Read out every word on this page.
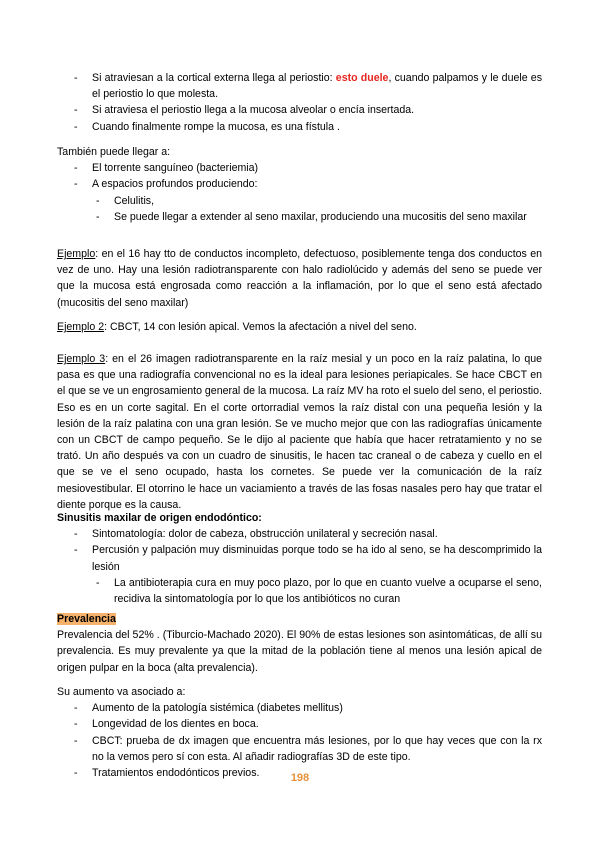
- Si atraviesan a la cortical externa llega al periostio: esto duele, cuando palpamos y le duele es el periostio lo que molesta.
- Si atraviesa el periostio llega a la mucosa alveolar o encía insertada.
- Cuando finalmente rompe la mucosa, es una fístula .
También puede llegar a:
- El torrente sanguíneo (bacteriemia)
- A espacios profundos produciendo:
- Celulitis,
- Se puede llegar a extender al seno maxilar, produciendo una mucositis del seno maxilar
Ejemplo: en el 16 hay tto de conductos incompleto, defectuoso, posiblemente tenga dos conductos en vez de uno. Hay una lesión radiotransparente con halo radiolúcido y además del seno se puede ver que la mucosa está engrosada como reacción a la inflamación, por lo que el seno está afectado (mucositis del seno maxilar)
Ejemplo 2: CBCT, 14 con lesión apical. Vemos la afectación a nivel del seno.
Ejemplo 3: en el 26 imagen radiotransparente en la raíz mesial y un poco en la raíz palatina, lo que pasa es que una radiografía convencional no es la ideal para lesiones periapicales. Se hace CBCT en el que se ve un engrosamiento general de la mucosa. La raíz MV ha roto el suelo del seno, el periostio. Eso es en un corte sagital. En el corte ortorradial vemos la raíz distal con una pequeña lesión y la lesión de la raíz palatina con una gran lesión. Se ve mucho mejor que con las radiografías únicamente con un CBCT de campo pequeño. Se le dijo al paciente que había que hacer retratamiento y no se trató. Un año después va con un cuadro de sinusitis, le hacen tac craneal o de cabeza y cuello en el que se ve el seno ocupado, hasta los cornetes. Se puede ver la comunicación de la raíz mesiovestibular. El otorrino le hace un vaciamiento a través de las fosas nasales pero hay que tratar el diente porque es la causa.
Sinusitis maxilar de origen endodóntico:
- Sintomatología: dolor de cabeza, obstrucción unilateral y secreción nasal.
- Percusión y palpación muy disminuidas porque todo se ha ido al seno, se ha descomprimido la lesión
- La antibioterapia cura en muy poco plazo, por lo que en cuanto vuelve a ocuparse el seno, recidiva la sintomatología por lo que los antibióticos no curan
Prevalencia
Prevalencia del 52% . (Tiburcio-Machado 2020). El 90% de estas lesiones son asintomáticas, de allí su prevalencia. Es muy prevalente ya que la mitad de la población tiene al menos una lesión apical de origen pulpar en la boca (alta prevalencia).
Su aumento va asociado a:
- Aumento de la patología sistémica (diabetes mellitus)
- Longevidad de los dientes en boca.
- CBCT: prueba de dx imagen que encuentra más lesiones, por lo que hay veces que con la rx no la vemos pero sí con esta. Al añadir radiografías 3D de este tipo.
- Tratamientos endodónticos previos.	198
